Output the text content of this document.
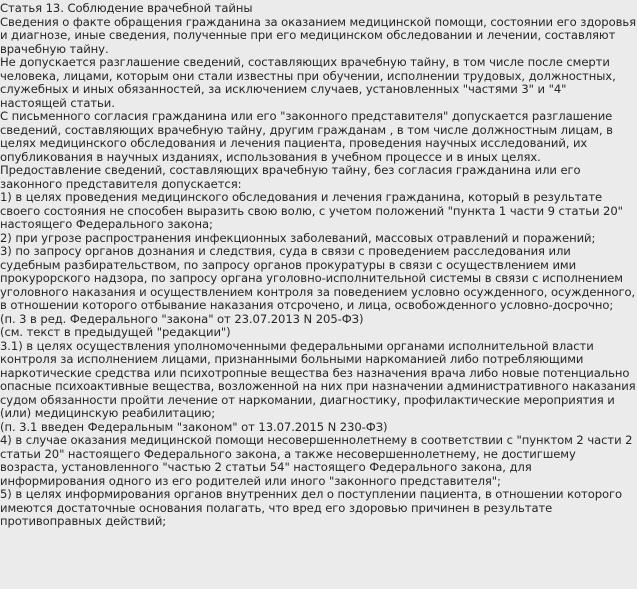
Статья 13. Соблюдение врачебной тайны
Сведения о факте обращения гражданина за оказанием медицинской помощи, состоянии его здоровья
и диагнозе, иные сведения, полученные при его медицинском обследовании и лечении, составляют
врачебную тайну.
Не допускается разглашение сведений, составляющих врачебную тайну, в том числе после смерти
человека, лицами, которым они стали известны при обучении, исполнении трудовых, должностных,
служебных и иных обязанностей, за исключением случаев, установленных "частями 3" и "4"
настоящей статьи.
С письменного согласия гражданина или его "законного представителя" допускается разглашение
сведений, составляющих врачебную тайну, другим гражданам , в том числе должностным лицам, в
целях медицинского обследования и лечения пациента, проведения научных исследований, их
опубликования в научных изданиях, использования в учебном процессе и в иных целях.
Предоставление сведений, составляющих врачебную тайну, без согласия гражданина или его
законного представителя допускается:
1) в целях проведения медицинского обследования и лечения гражданина, который в результате
своего состояния не способен выразить свою волю, с учетом положений "пункта 1 части 9 статьи 20"
настоящего Федерального закона;
2) при угрозе распространения инфекционных заболеваний, массовых отравлений и поражений;
3) по запросу органов дознания и следствия, суда в связи с проведением расследования или
судебным разбирательством, по запросу органов прокуратуры в связи с осуществлением ими
прокурорского надзора, по запросу органа уголовно-исполнительной системы в связи с исполнением
уголовного наказания и осуществлением контроля за поведением условно осужденного, осужденного,
в отношении которого отбывание наказания отсрочено, и лица, освобожденного условно-досрочно;
(п. 3 в ред. Федерального "закона" от 23.07.2013 N 205-ФЗ)
(см. текст в предыдущей "редакции")
3.1) в целях осуществления уполномоченными федеральными органами исполнительной власти
контроля за исполнением лицами, признанными больными наркоманией либо потребляющими
наркотические средства или психотропные вещества без назначения врача либо новые потенциально
опасные психоактивные вещества, возложенной на них при назначении административного наказания
судом обязанности пройти лечение от наркомании, диагностику, профилактические мероприятия и
(или) медицинскую реабилитацию;
(п. 3.1 введен Федеральным "законом" от 13.07.2015 N 230-ФЗ)
4) в случае оказания медицинской помощи несовершеннолетнему в соответствии с "пунктом 2 части 2
статьи 20" настоящего Федерального закона, а также несовершеннолетнему, не достигшему
возраста, установленного "частью 2 статьи 54" настоящего Федерального закона, для
информирования одного из его родителей или иного "законного представителя";
5) в целях информирования органов внутренних дел о поступлении пациента, в отношении которого
имеются достаточные основания полагать, что вред его здоровью причинен в результате
противоправных действий;
